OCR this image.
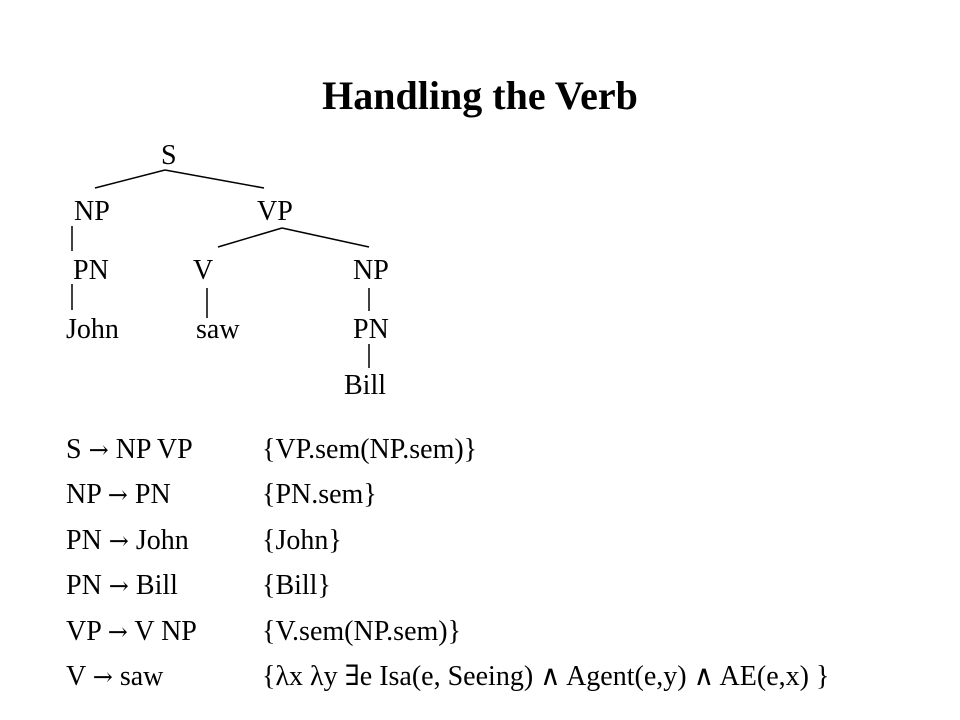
Handling the Verb
S
NP	VP
PN	V	NP
John	saw	PN
Bill
S → NP VP {VP.sem(NP.sem)}
NP → PN	{PN.sem}
PN → John	{John}
PN → Bill	{Bill}
VP → V NP {V.sem(NP.sem)}
V → saw	{λx λy ∃e Isa(e, Seeing) ∧ Agent(e,y) ∧ AE(e,x) }
